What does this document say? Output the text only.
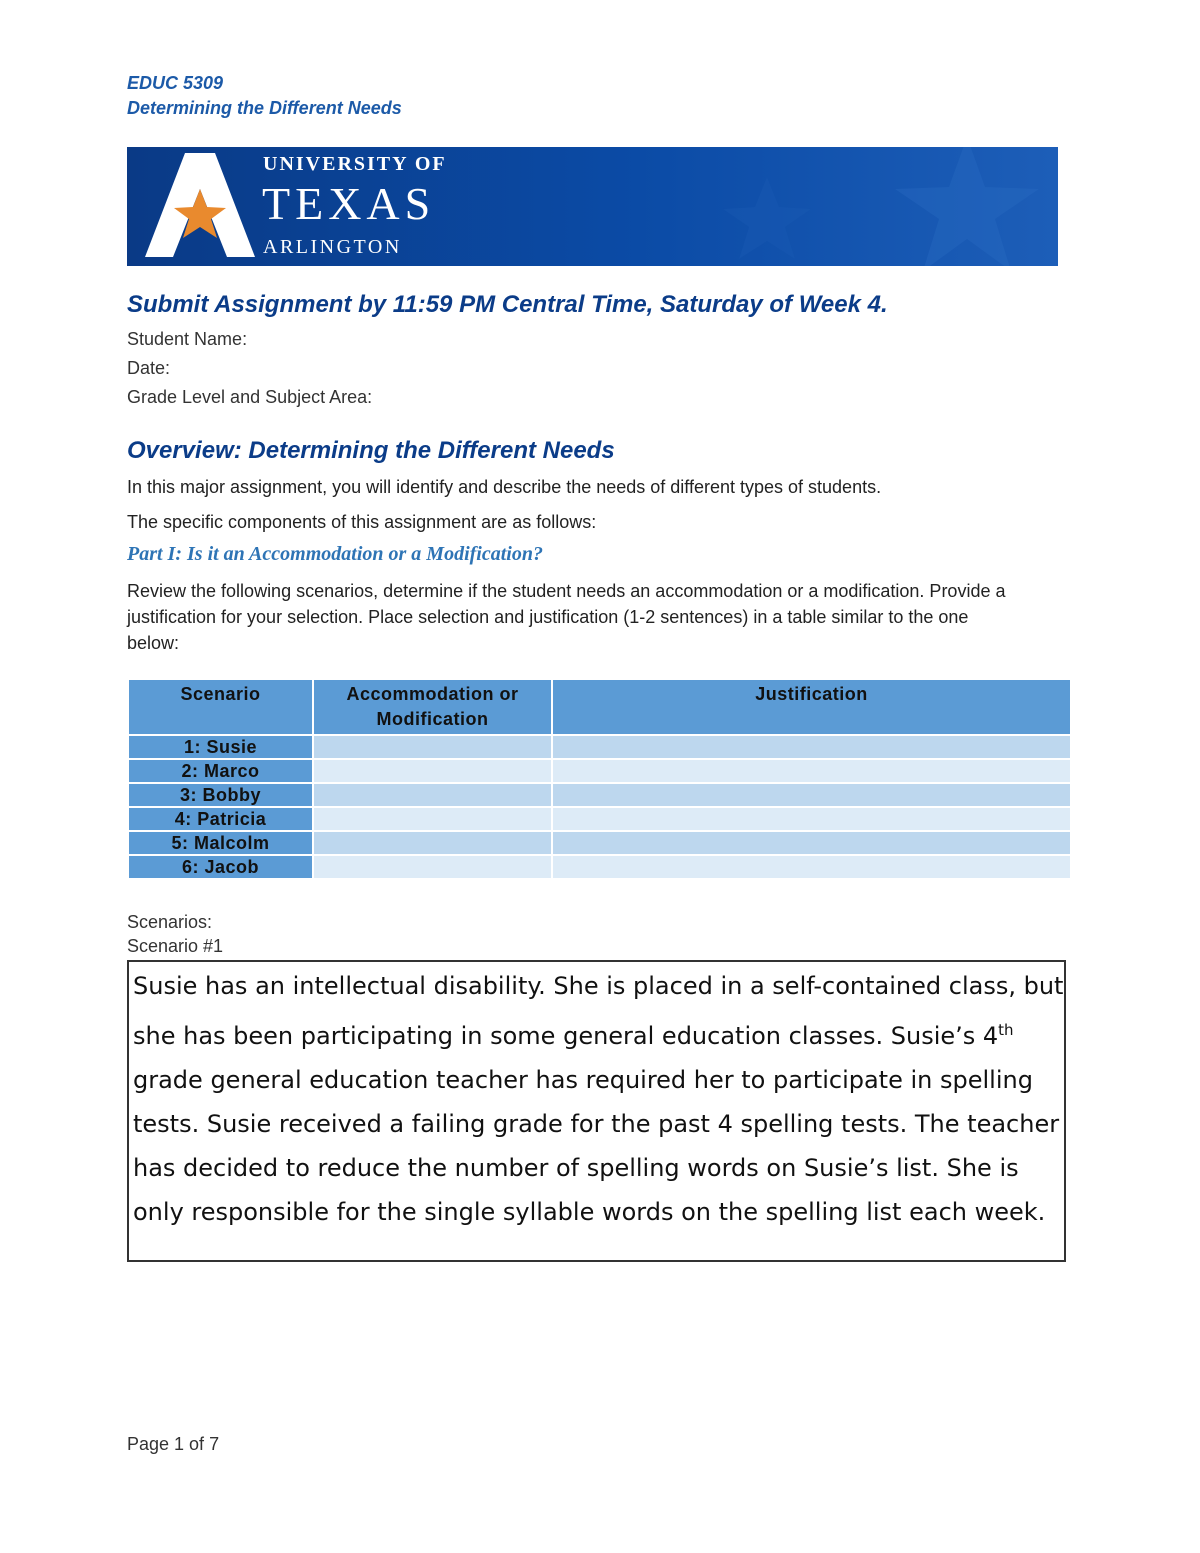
EDUC 5309
Determining the Different Needs
UNIVERSITY OF
TEXAS
ARLINGTON
Submit Assignment by 11:59 PM Central Time, Saturday of Week 4.
Student Name:
Date:
Grade Level and Subject Area:
Overview: Determining the Different Needs
In this major assignment, you will identify and describe the needs of different types of students.
The specific components of this assignment are as follows:
Part I: Is it an Accommodation or a Modification?
Review the following scenarios, determine if the student needs an accommodation or a modification. Provide a justification for your selection. Place selection and justification (1-2 sentences) in a table similar to the one below:
Scenario	Accommodation or Modification	Justification
1: Susie		
2: Marco		
3: Bobby		
4: Patricia		
5: Malcolm		
6: Jacob		
Scenarios:
Scenario #1
Susie has an intellectual disability. She is placed in a self-contained class, but she has been participating in some general education classes. Susie’s 4th grade general education teacher has required her to participate in spelling tests. Susie received a failing grade for the past 4 spelling tests. The teacher has decided to reduce the number of spelling words on Susie’s list. She is only responsible for the single syllable words on the spelling list each week.
Page 1 of 7
